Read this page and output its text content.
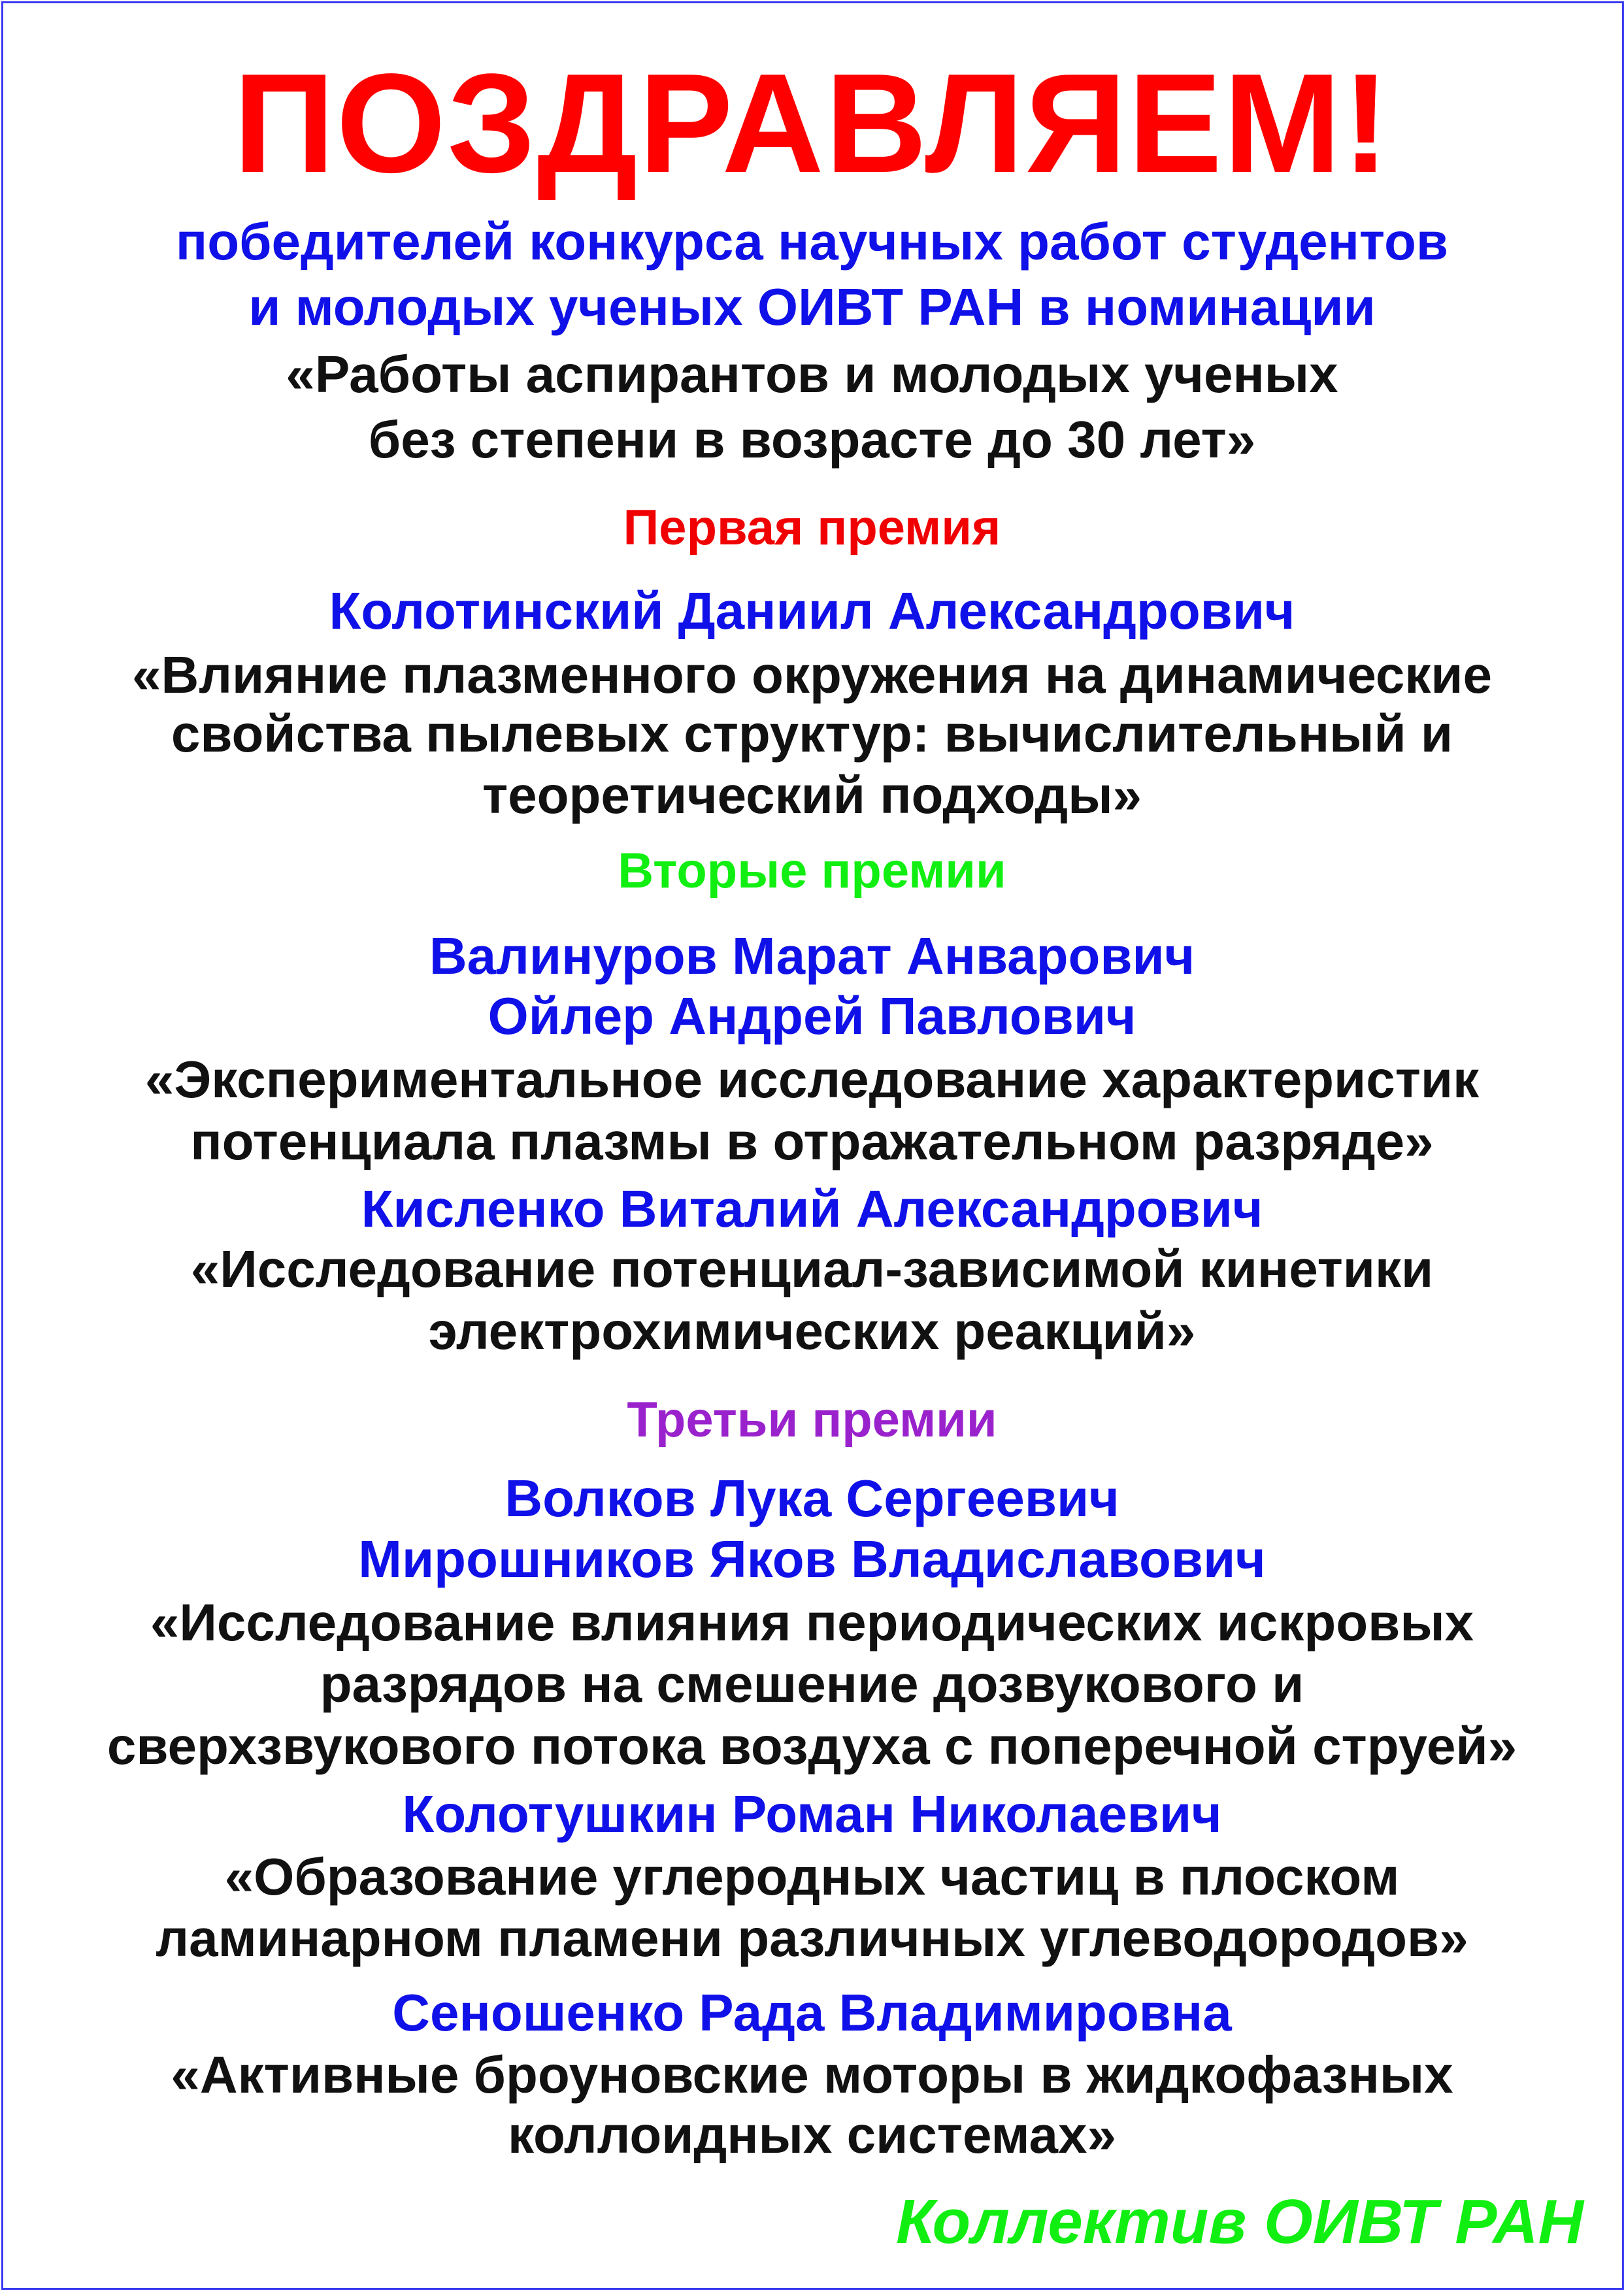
ПОЗДРАВЛЯЕМ!
победителей конкурса научных работ студентов
и молодых ученых ОИВТ РАН в номинации
«Работы аспирантов и молодых ученых
без степени в возрасте до 30 лет»
Первая премия
Колотинский Даниил Александрович
«Влияние плазменного окружения на динамические
свойства пылевых структур: вычислительный и
теоретический подходы»
Вторые премии
Валинуров Марат Анварович
Ойлер Андрей Павлович
«Экспериментальное исследование характеристик
потенциала плазмы в отражательном разряде»
Кисленко Виталий Александрович
«Исследование потенциал-зависимой кинетики
электрохимических реакций»
Третьи премии
Волков Лука Сергеевич
Мирошников Яков Владиславович
«Исследование влияния периодических искровых
разрядов на смешение дозвукового и
сверхзвукового потока воздуха с поперечной струей»
Колотушкин Роман Николаевич
«Образование углеродных частиц в плоском
ламинарном пламени различных углеводородов»
Сеношенко Рада Владимировна
«Активные броуновские моторы в жидкофазных
коллоидных системах»
Коллектив ОИВТ РАН
